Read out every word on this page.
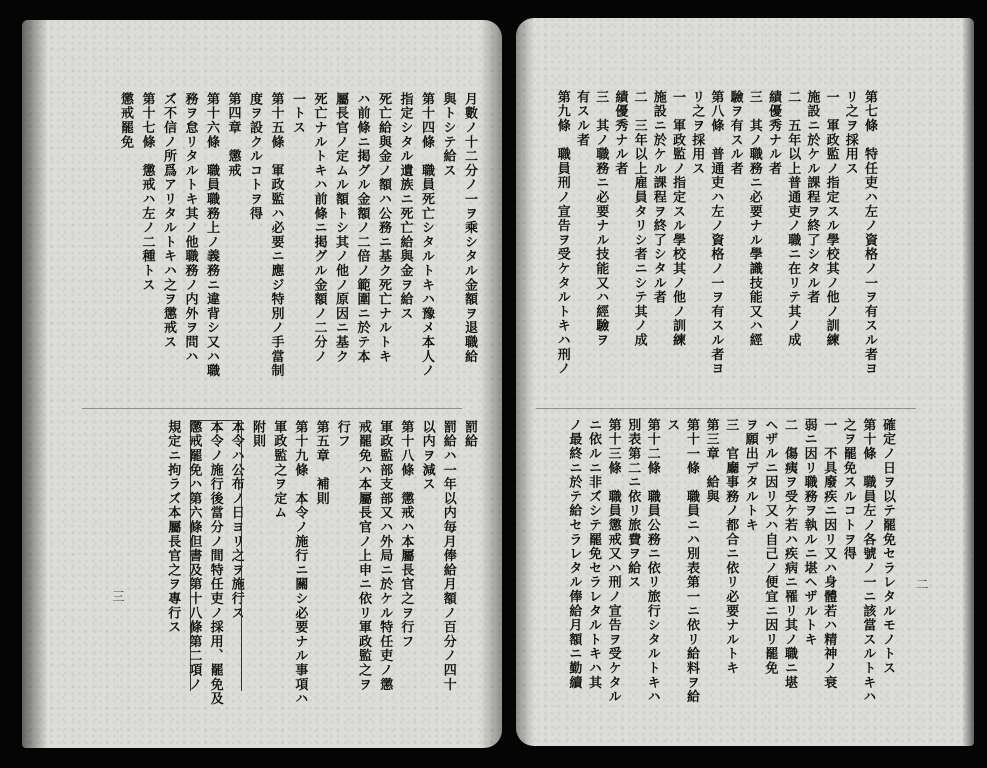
月數ノ十二分ノ一ヲ乘シタル金額ヲ退職給
與トシテ給ス
第十四條　職員死亡シタルトキハ豫メ本人ノ
指定シタル遺族ニ死亡給與金ヲ給ス
死亡給與金ノ額ハ公務ニ基ク死亡ナルトキ
ハ前條ニ掲グル金額ノ二倍ノ範圍ニ於テ本
屬長官ノ定ムル額トシ其ノ他ノ原因ニ基ク
死亡ナルトキハ前條ニ掲グル金額ノ二分ノ
一トス
第十五條　軍政監ハ必要ニ應ジ特別ノ手當制
度ヲ設クルコトヲ得
第四章　懲戒
第十六條　職員職務上ノ義務ニ違背シ又ハ職
務ヲ怠リタルトキ其ノ他職務ノ内外ヲ問ハ
ズ不信ノ所爲アリタルトキハ之ヲ懲戒ス
第十七條　懲戒ハ左ノ二種トス
懲戒罷免
罰給
罰給ハ一年以内毎月俸給月額ノ百分ノ四十
以内ヲ減ス
第十八條　懲戒ハ本屬長官之ヲ行フ
軍政監部支部又ハ外局ニ於ケル特任吏ノ懲
戒罷免ハ本屬長官ノ上申ニ依リ軍政監之ヲ
行フ
第五章　補則
第十九條　本令ノ施行ニ關シ必要ナル事項ハ
軍政監之ヲ定ム
附則
本令ハ公布ノ日ヨリ之ヲ施行ス
本令ノ施行後當分ノ間特任吏ノ採用、罷免及
懲戒罷免ハ第六條但書及第十八條第二項ノ
規定ニ拘ラズ本屬長官之ヲ專行ス
三
第七條　特任吏ハ左ノ資格ノ一ヲ有スル者ヨ
リ之ヲ採用ス
一　軍政監ノ指定スル學校其ノ他ノ訓練
施設ニ於ケル課程ヲ終了シタル者
二　五年以上普通吏ノ職ニ在リテ其ノ成
績優秀ナル者
三　其ノ職務ニ必要ナル學識技能又ハ經
驗ヲ有スル者
第八條　普通吏ハ左ノ資格ノ一ヲ有スル者ヨ
リ之ヲ採用ス
一　軍政監ノ指定スル學校其ノ他ノ訓練
施設ニ於ケル課程ヲ終了シタル者
二　三年以上雇員タリシ者ニシテ其ノ成
績優秀ナル者
三　其ノ職務ニ必要ナル技能又ハ經驗ヲ
有スル者
第九條　職員刑ノ宣告ヲ受ケタルトキハ刑ノ
確定ノ日ヲ以テ罷免セラレタルモノトス
第十條　職員左ノ各號ノ一ニ該當スルトキハ
之ヲ罷免スルコトヲ得
一　不具廢疾ニ因リ又ハ身體若ハ精神ノ衰
弱ニ因リ職務ヲ執ルニ堪ヘザルトキ
二　傷痍ヲ受ケ若ハ疾病ニ罹リ其ノ職ニ堪
ヘザルニ因リ又ハ自己ノ便宜ニ因リ罷免
ヲ願出デタルトキ
三　官廳事務ノ都合ニ依リ必要ナルトキ
第三章　給與
第十一條　職員ニハ別表第一ニ依リ給料ヲ給
ス
第十二條　職員公務ニ依リ旅行シタルトキハ
別表第二ニ依リ旅費ヲ給ス
第十三條　職員懲戒又ハ刑ノ宣告ヲ受ケタル
ニ依ルニ非ズシテ罷免セラレタルトキハ其
ノ最終ニ於テ給セラレタル俸給月額ニ勤續	二
